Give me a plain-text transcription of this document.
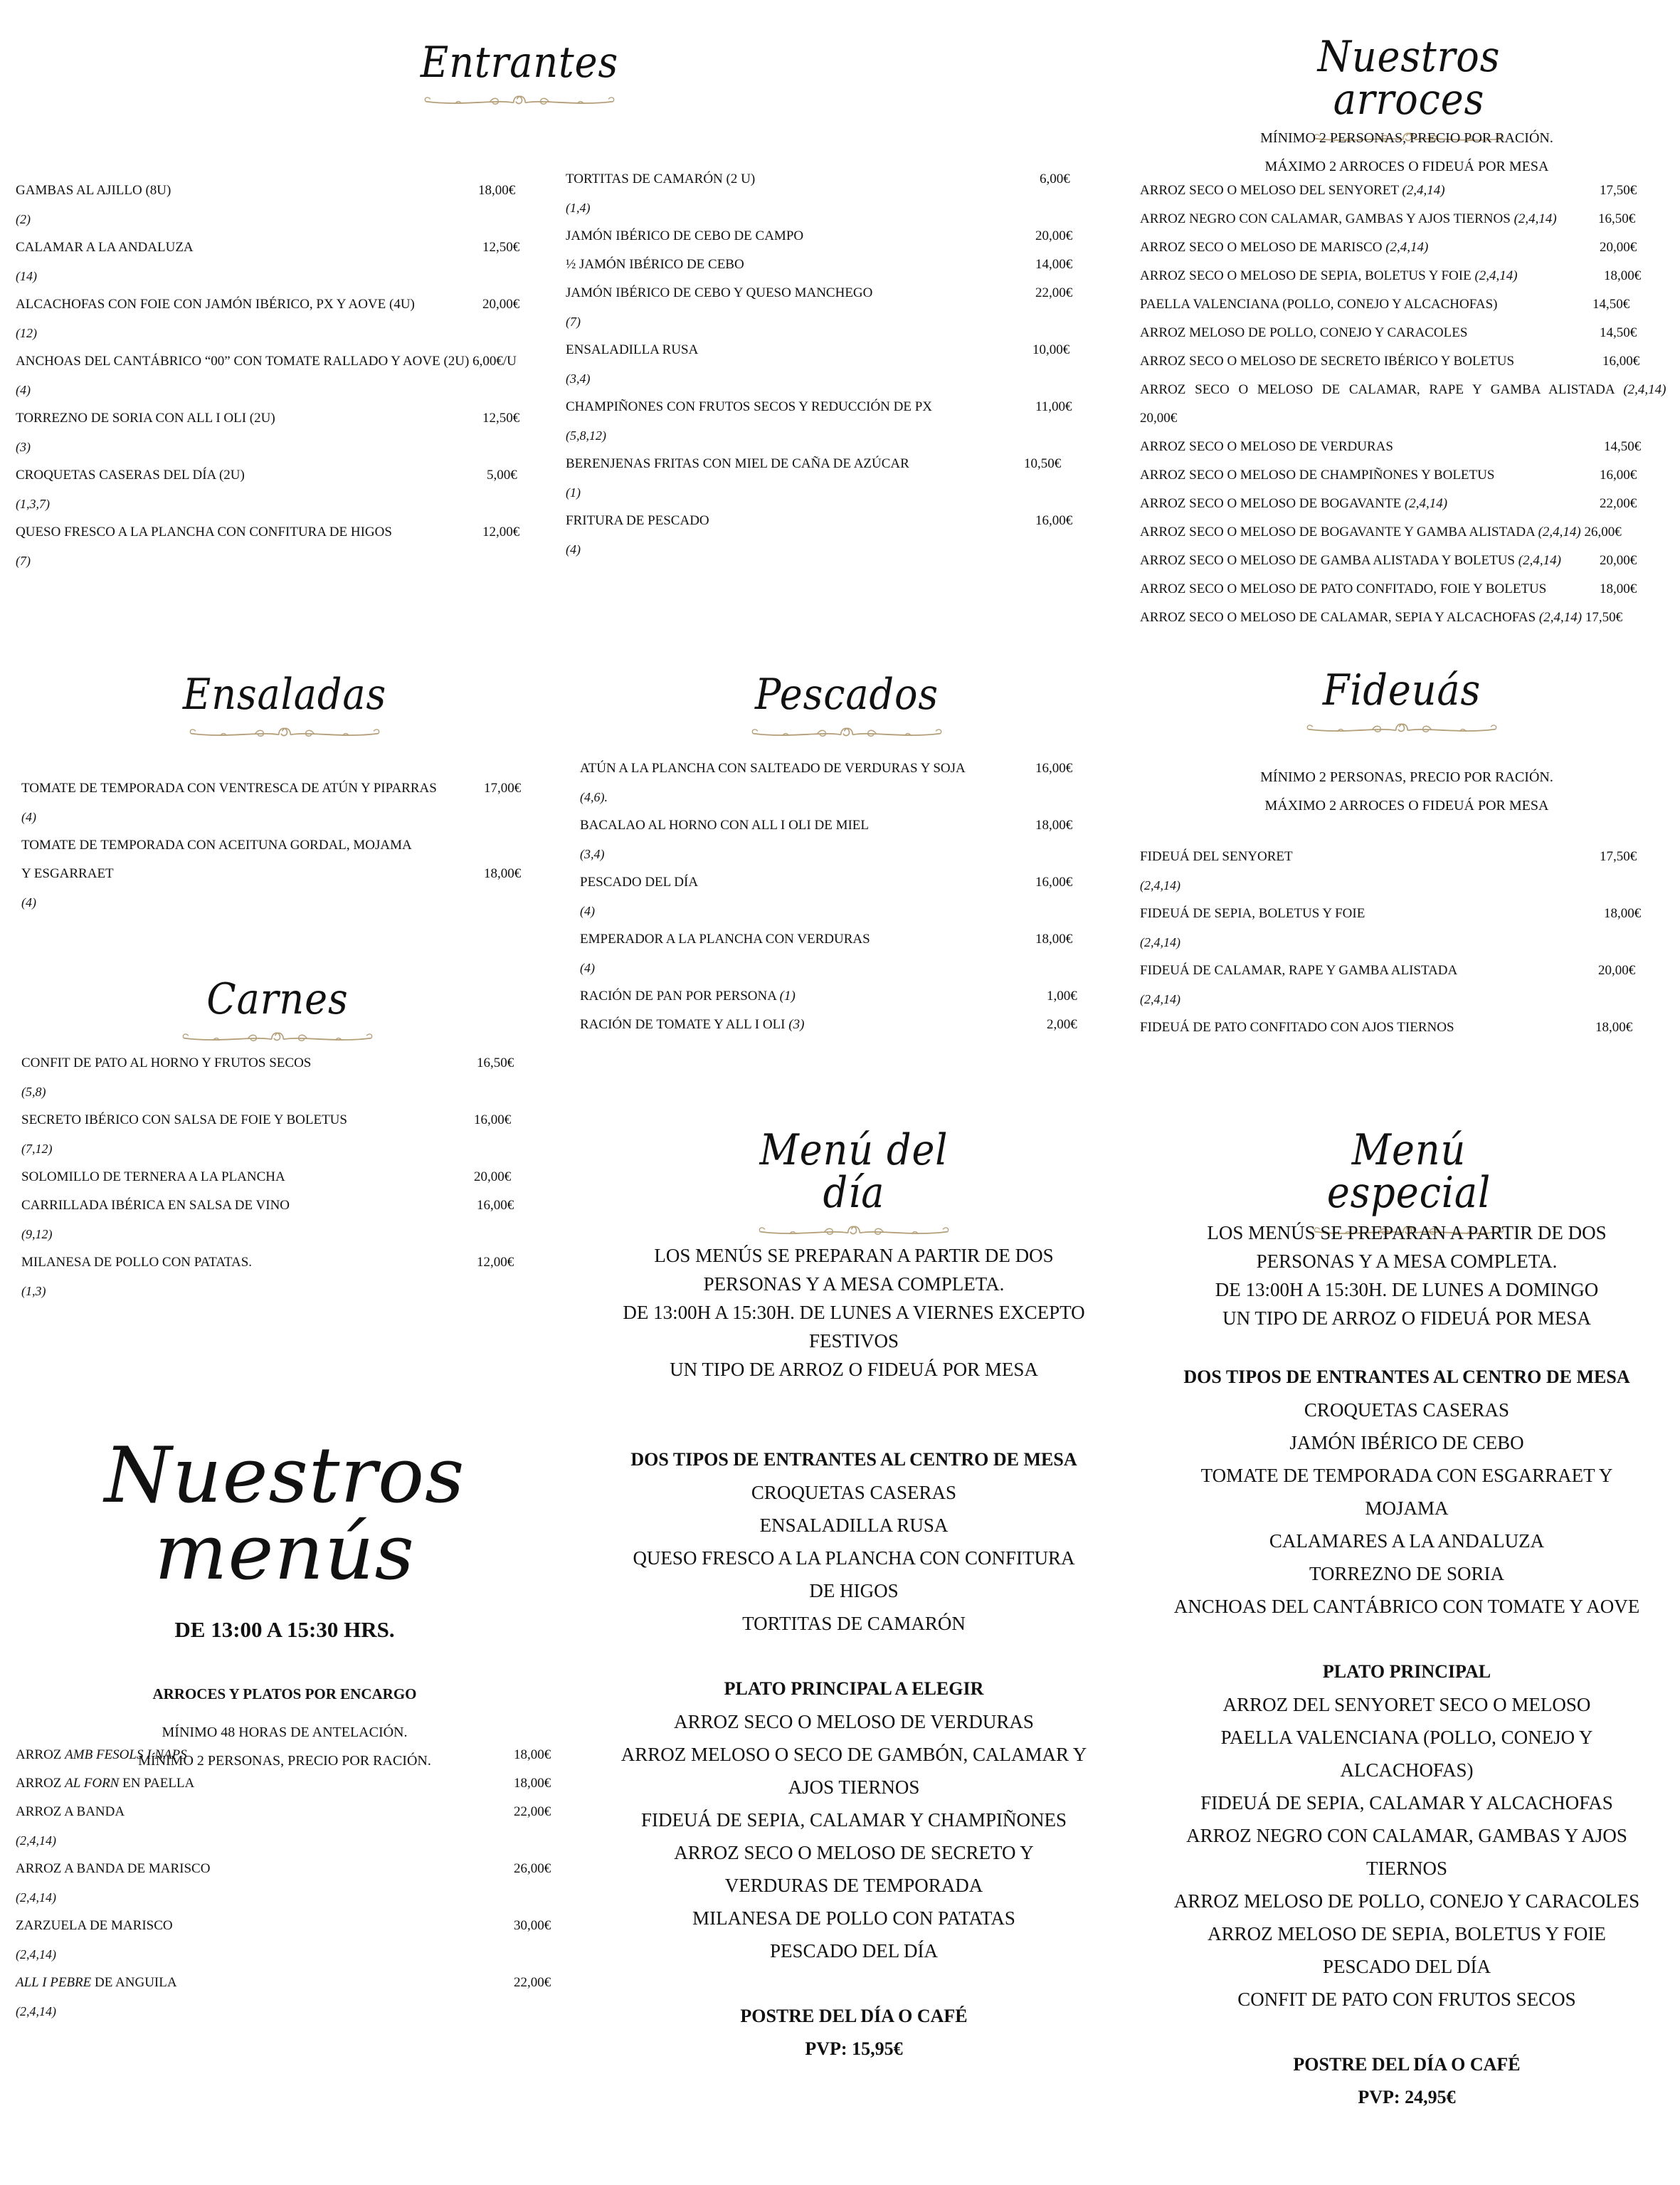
Entrantes
GAMBAS AL AJILLO (8U)	18,00€
(2)
CALAMAR A LA ANDALUZA	12,50€
(14)
ALCACHOFAS CON FOIE CON JAMÓN IBÉRICO, PX Y AOVE (4U)	20,00€
(12)
ANCHOAS DEL CANTÁBRICO “00” CON TOMATE RALLADO Y AOVE (2U) 6,00€/U
(4)
TORREZNO DE SORIA CON ALL I OLI (2U)	12,50€
(3)
CROQUETAS CASERAS DEL DÍA (2U)	5,00€
(1,3,7)
QUESO FRESCO A LA PLANCHA CON CONFITURA DE HIGOS	12,00€
(7)
TORTITAS DE CAMARÓN (2 U)	6,00€
(1,4)
JAMÓN IBÉRICO DE CEBO DE CAMPO	20,00€
½ JAMÓN IBÉRICO DE CEBO	14,00€
JAMÓN IBÉRICO DE CEBO Y QUESO MANCHEGO	22,00€
(7)
ENSALADILLA RUSA	10,00€
(3,4)
CHAMPIÑONES CON FRUTOS SECOS Y REDUCCIÓN DE PX	11,00€
(5,8,12)
BERENJENAS FRITAS CON MIEL DE CAÑA DE AZÚCAR	10,50€
(1)
FRITURA DE PESCADO	16,00€
(4)
Nuestros arroces
MÍNIMO 2 PERSONAS, PRECIO POR RACIÓN.
MÁXIMO 2 ARROCES O FIDEUÁ POR MESA
ARROZ SECO O MELOSO DEL SENYORET (2,4,14)	17,50€
ARROZ NEGRO CON CALAMAR, GAMBAS Y AJOS TIERNOS (2,4,14)	16,50€
ARROZ SECO O MELOSO DE MARISCO (2,4,14)	20,00€
ARROZ SECO O MELOSO DE SEPIA, BOLETUS Y FOIE (2,4,14)	18,00€
PAELLA VALENCIANA (POLLO, CONEJO Y ALCACHOFAS)	14,50€
ARROZ MELOSO DE POLLO, CONEJO Y CARACOLES	14,50€
ARROZ SECO O MELOSO DE SECRETO IBÉRICO Y BOLETUS	16,00€
ARROZ SECO O MELOSO DE CALAMAR, RAPE Y GAMBA ALISTADA (2,4,14)
20,00€
ARROZ SECO O MELOSO DE VERDURAS	14,50€
ARROZ SECO O MELOSO DE CHAMPIÑONES Y BOLETUS	16,00€
ARROZ SECO O MELOSO DE BOGAVANTE (2,4,14)	22,00€
ARROZ SECO O MELOSO DE BOGAVANTE Y GAMBA ALISTADA (2,4,14) 26,00€
ARROZ SECO O MELOSO DE GAMBA ALISTADA Y BOLETUS (2,4,14)	20,00€
ARROZ SECO O MELOSO DE PATO CONFITADO, FOIE Y BOLETUS	18,00€
ARROZ SECO O MELOSO DE CALAMAR, SEPIA Y ALCACHOFAS (2,4,14) 17,50€
Ensaladas
TOMATE DE TEMPORADA CON VENTRESCA DE ATÚN Y PIPARRAS	17,00€
(4)
TOMATE DE TEMPORADA CON ACEITUNA GORDAL, MOJAMA
Y ESGARRAET	18,00€
(4)
Pescados
ATÚN A LA PLANCHA CON SALTEADO DE VERDURAS Y SOJA	16,00€
(4,6).
BACALAO AL HORNO CON ALL I OLI DE MIEL	18,00€
(3,4)
PESCADO DEL DÍA	16,00€
(4)
EMPERADOR A LA PLANCHA CON VERDURAS	18,00€
(4)
RACIÓN DE PAN POR PERSONA (1)	1,00€
RACIÓN DE TOMATE Y ALL I OLI (3)	2,00€
Fideuás
MÍNIMO 2 PERSONAS, PRECIO POR RACIÓN.
MÁXIMO 2 ARROCES O FIDEUÁ POR MESA
FIDEUÁ DEL SENYORET	17,50€
(2,4,14)
FIDEUÁ DE SEPIA, BOLETUS Y FOIE	18,00€
(2,4,14)
FIDEUÁ DE CALAMAR, RAPE Y GAMBA ALISTADA	20,00€
(2,4,14)
FIDEUÁ DE PATO CONFITADO CON AJOS TIERNOS	18,00€
Carnes
CONFIT DE PATO AL HORNO Y FRUTOS SECOS	16,50€
(5,8)
SECRETO IBÉRICO CON SALSA DE FOIE Y BOLETUS	16,00€
(7,12)
SOLOMILLO DE TERNERA A LA PLANCHA	20,00€
CARRILLADA IBÉRICA EN SALSA DE VINO	16,00€
(9,12)
MILANESA DE POLLO CON PATATAS.	12,00€
(1,3)
Menú del día
LOS MENÚS SE PREPARAN A PARTIR DE DOS
PERSONAS Y A MESA COMPLETA.
DE 13:00H A 15:30H. DE LUNES A VIERNES EXCEPTO
FESTIVOS
UN TIPO DE ARROZ O FIDEUÁ POR MESA
DOS TIPOS DE ENTRANTES AL CENTRO DE MESA
CROQUETAS CASERAS
ENSALADILLA RUSA
QUESO FRESCO A LA PLANCHA CON CONFITURA
DE HIGOS
TORTITAS DE CAMARÓN
PLATO PRINCIPAL A ELEGIR
ARROZ SECO O MELOSO DE VERDURAS
ARROZ MELOSO O SECO DE GAMBÓN, CALAMAR Y
AJOS TIERNOS
FIDEUÁ DE SEPIA, CALAMAR Y CHAMPIÑONES
ARROZ SECO O MELOSO DE SECRETO Y
VERDURAS DE TEMPORADA
MILANESA DE POLLO CON PATATAS
PESCADO DEL DÍA
POSTRE DEL DÍA O CAFÉ
PVP: 15,95€
Menú especial
LOS MENÚS SE PREPARAN A PARTIR DE DOS
PERSONAS Y A MESA COMPLETA.
DE 13:00H A 15:30H. DE LUNES A DOMINGO
UN TIPO DE ARROZ O FIDEUÁ POR MESA
DOS TIPOS DE ENTRANTES AL CENTRO DE MESA
CROQUETAS CASERAS
JAMÓN IBÉRICO DE CEBO
TOMATE DE TEMPORADA CON ESGARRAET Y
MOJAMA
CALAMARES A LA ANDALUZA
TORREZNO DE SORIA
ANCHOAS DEL CANTÁBRICO CON TOMATE Y AOVE
PLATO PRINCIPAL
ARROZ DEL SENYORET SECO O MELOSO
PAELLA VALENCIANA (POLLO, CONEJO Y
ALCACHOFAS)
FIDEUÁ DE SEPIA, CALAMAR Y ALCACHOFAS
ARROZ NEGRO CON CALAMAR, GAMBAS Y AJOS
TIERNOS
ARROZ MELOSO DE POLLO, CONEJO Y CARACOLES
ARROZ MELOSO DE SEPIA, BOLETUS Y FOIE
PESCADO DEL DÍA
CONFIT DE PATO CON FRUTOS SECOS
POSTRE DEL DÍA O CAFÉ
PVP: 24,95€
Nuestros menús
DE 13:00 A 15:30 HRS.
ARROCES Y PLATOS POR ENCARGO
MÍNIMO 48 HORAS DE ANTELACIÓN.
MÍNIMO 2 PERSONAS, PRECIO POR RACIÓN.
ARROZ AMB FESOLS I NAPS	18,00€
ARROZ AL FORN EN PAELLA	18,00€
ARROZ A BANDA	22,00€
(2,4,14)
ARROZ A BANDA DE MARISCO	26,00€
(2,4,14)
ZARZUELA DE MARISCO	30,00€
(2,4,14)
ALL I PEBRE DE ANGUILA	22,00€
(2,4,14)
